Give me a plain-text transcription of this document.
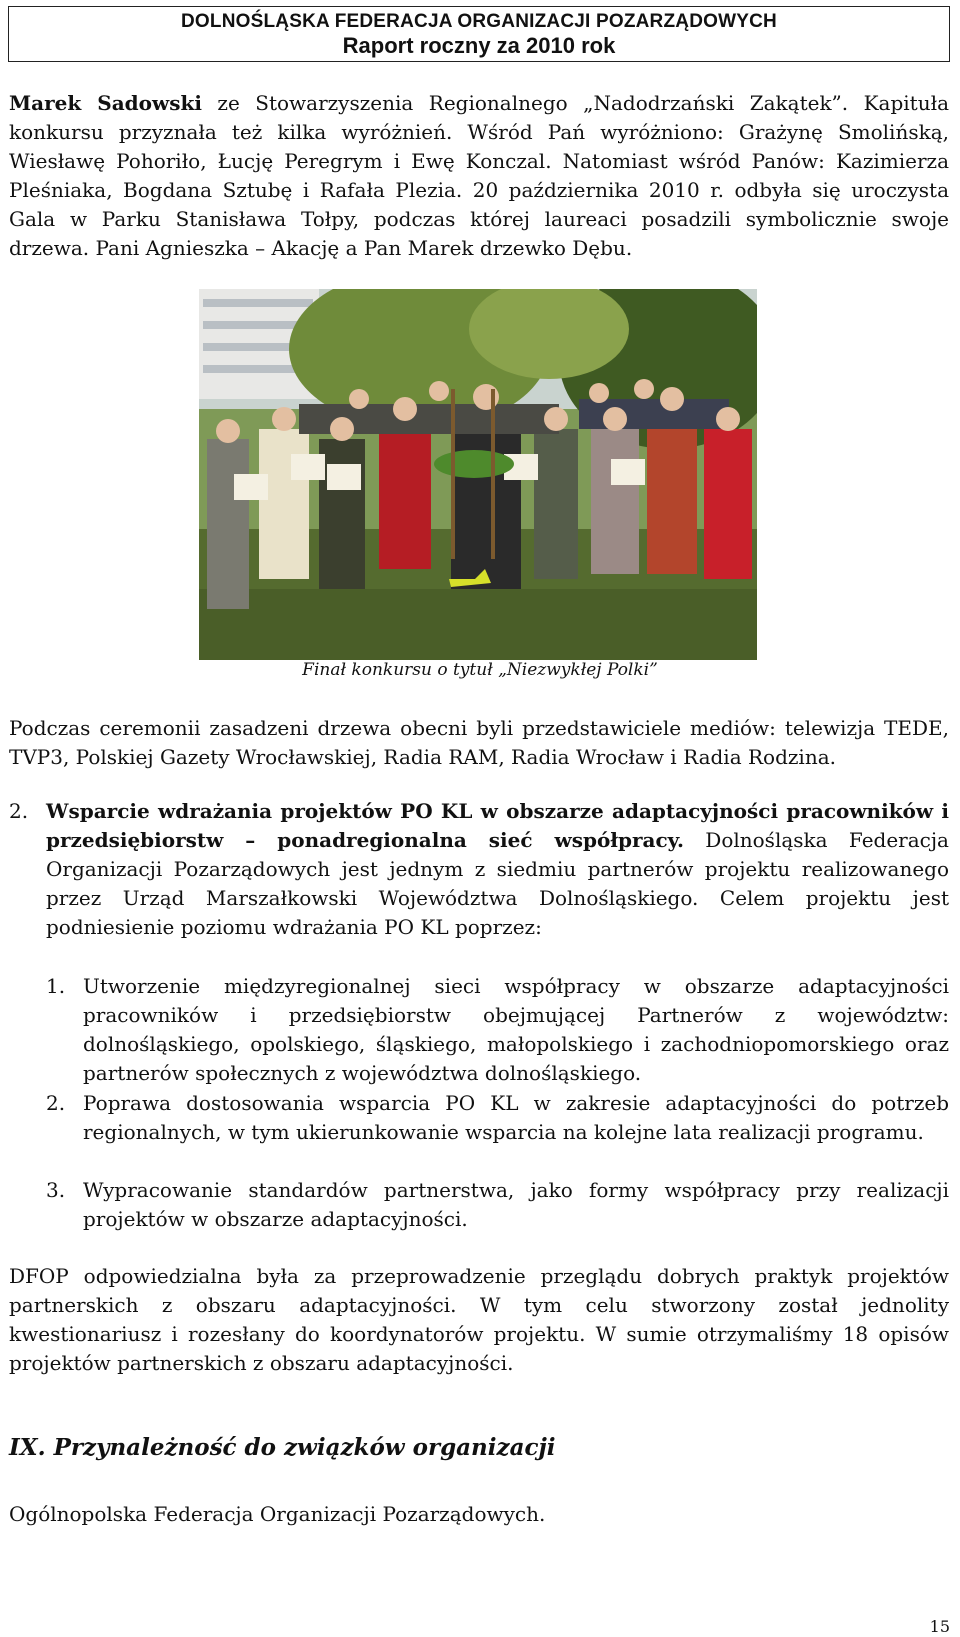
DOLNOŚLĄSKA FEDERACJA ORGANIZACJI POZARZĄDOWYCH
Raport roczny za 2010 rok
Marek Sadowski ze Stowarzyszenia Regionalnego „Nadodrzański Zakątek”. Kapituła konkursu przyznała też kilka wyróżnień. Wśród Pań wyróżniono: Grażynę Smolińską, Wiesławę Pohoriło, Łucję Peregrym i Ewę Konczal. Natomiast wśród Panów: Kazimierza Pleśniaka, Bogdana Sztubę i Rafała Plezia. 20 października 2010 r. odbyła się uroczysta Gala w Parku Stanisława Tołpy, podczas której laureaci posadzili symbolicznie swoje drzewa. Pani Agnieszka – Akację a Pan Marek drzewko Dębu.
Finał konkursu o tytuł „Niezwykłej Polki”
Podczas ceremonii zasadzeni drzewa obecni byli przedstawiciele mediów: telewizja TEDE, TVP3, Polskiej Gazety Wrocławskiej, Radia RAM, Radia Wrocław i Radia Rodzina.
2. Wsparcie wdrażania projektów PO KL w obszarze adaptacyjności pracowników i przedsiębiorstw – ponadregionalna sieć współpracy. Dolnośląska Federacja Organizacji Pozarządowych jest jednym z siedmiu partnerów projektu realizowanego przez Urząd Marszałkowski Województwa Dolnośląskiego. Celem projektu jest podniesienie poziomu wdrażania PO KL poprzez:
1. Utworzenie międzyregionalnej sieci współpracy w obszarze adaptacyjności pracowników i przedsiębiorstw obejmującej Partnerów z województw: dolnośląskiego, opolskiego, śląskiego, małopolskiego i zachodniopomorskiego oraz partnerów społecznych z województwa dolnośląskiego.
2. Poprawa dostosowania wsparcia PO KL w zakresie adaptacyjności do potrzeb regionalnych, w tym ukierunkowanie wsparcia na kolejne lata realizacji programu.
3. Wypracowanie standardów partnerstwa, jako formy współpracy przy realizacji projektów w obszarze adaptacyjności.
DFOP odpowiedzialna była za przeprowadzenie przeglądu dobrych praktyk projektów partnerskich z obszaru adaptacyjności. W tym celu stworzony został jednolity kwestionariusz i rozesłany do koordynatorów projektu. W sumie otrzymaliśmy 18 opisów projektów partnerskich z obszaru adaptacyjności.
IX. Przynależność do związków organizacji
Ogólnopolska Federacja Organizacji Pozarządowych.
15
